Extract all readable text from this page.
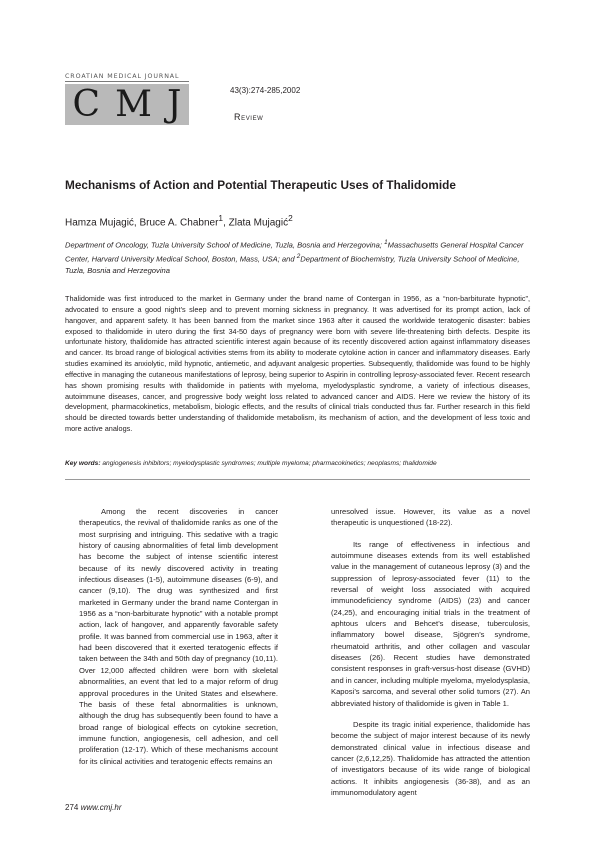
CROATIAN MEDICAL JOURNAL
C M J	43(3):274-285,2002
Review
Mechanisms of Action and Potential Therapeutic Uses of Thalidomide
Hamza Mujagić, Bruce A. Chabner$^1$, Zlata Mujagić$^2$
Department of Oncology, Tuzla University School of Medicine, Tuzla, Bosnia and Herzegovina; $^1$Massachusetts General Hospital Cancer Center, Harvard University Medical School, Boston, Mass, USA; and $^2$Department of Biochemistry, Tuzla University School of Medicine, Tuzla, Bosnia and Herzegovina

Thalidomide was first introduced to the market in Germany under the brand name of Contergan in 1956, as a “non-barbiturate hypnotic”, advocated to ensure a good night’s sleep and to prevent morning sickness in pregnancy. It was advertised for its prompt action, lack of hangover, and apparent safety. It has been banned from the market since 1963 after it caused the worldwide teratogenic disaster: babies exposed to thalidomide in utero during the first 34-50 days of pregnancy were born with severe life-threatening birth defects. Despite its unfortunate history, thalidomide has attracted scientific interest again because of its recently discovered action against inflammatory diseases and cancer. Its broad range of biological activities stems from its ability to moderate cytokine action in cancer and inflammatory diseases. Early studies examined its anxiolytic, mild hypnotic, antiemetic, and adjuvant analgesic properties. Subsequently, thalidomide was found to be highly effective in managing the cutaneous manifestations of leprosy, being superior to Aspirin in controlling leprosy-associated fever. Recent research has shown promising results with thalidomide in patients with myeloma, myelodysplastic syndrome, a variety of infectious diseases, autoimmune diseases, cancer, and progressive body weight loss related to advanced cancer and AIDS. Here we review the history of its development, pharmacokinetics, metabolism, biologic effects, and the results of clinical trials conducted thus far. Further research in this field should be directed towards better understanding of thalidomide metabolism, its mechanism of action, and the development of less toxic and more active analogs.

Key words: angiogenesis inhibitors; myelodysplastic syndromes; multiple myeloma; pharmacokinetics; neoplasms; thalidomide

Among the recent discoveries in cancer therapeutics, the revival of thalidomide ranks as one of the most surprising and intriguing. This sedative with a tragic history of causing abnormalities of fetal limb development has become the subject of intense scientific interest because of its newly discovered activity in treating infectious diseases (1-5), autoimmune diseases (6-9), and cancer (9,10). The drug was synthesized and first marketed in Germany under the brand name Contergan in 1956 as a “non-barbiturate hypnotic” with a notable prompt action, lack of hangover, and apparently favorable safety profile. It was banned from commercial use in 1963, after it had been discovered that it exerted teratogenic effects if taken between the 34th and 50th day of pregnancy (10,11). Over 12,000 affected children were born with skeletal abnormalities, an event that led to a major reform of drug approval procedures in the United States and elsewhere. The basis of these fetal abnormalities is unknown, although the drug has subsequently been found to have a broad range of biological effects on cytokine secretion, immune function, angiogenesis, cell adhesion, and cell proliferation (12-17). Which of these mechanisms account for its clinical activities and teratogenic effects remains an

unresolved issue. However, its value as a novel therapeutic is unquestioned (18-22).

Its range of effectiveness in infectious and autoimmune diseases extends from its well established value in the management of cutaneous leprosy (3) and the suppression of leprosy-associated fever (11) to the reversal of weight loss associated with acquired immunodeficiency syndrome (AIDS) (23) and cancer (24,25), and encouraging initial trials in the treatment of aphtous ulcers and Behcet’s disease, tuberculosis, inflammatory bowel disease, Sjögren’s syndrome, rheumatoid arthritis, and other collagen and vascular diseases (26). Recent studies have demonstrated consistent responses in graft-versus-host disease (GVHD) and in cancer, including multiple myeloma, myelodysplasia, Kaposi’s sarcoma, and several other solid tumors (27). An abbreviated history of thalidomide is given in Table 1.

Despite its tragic initial experience, thalidomide has become the subject of major interest because of its newly demonstrated clinical value in infectious disease and cancer (2,6,12,25). Thalidomide has attracted the attention of investigators because of its wide range of biological actions. It inhibits angiogenesis (36-38), and as an immunomodulatory agent

274 www.cmj.hr
